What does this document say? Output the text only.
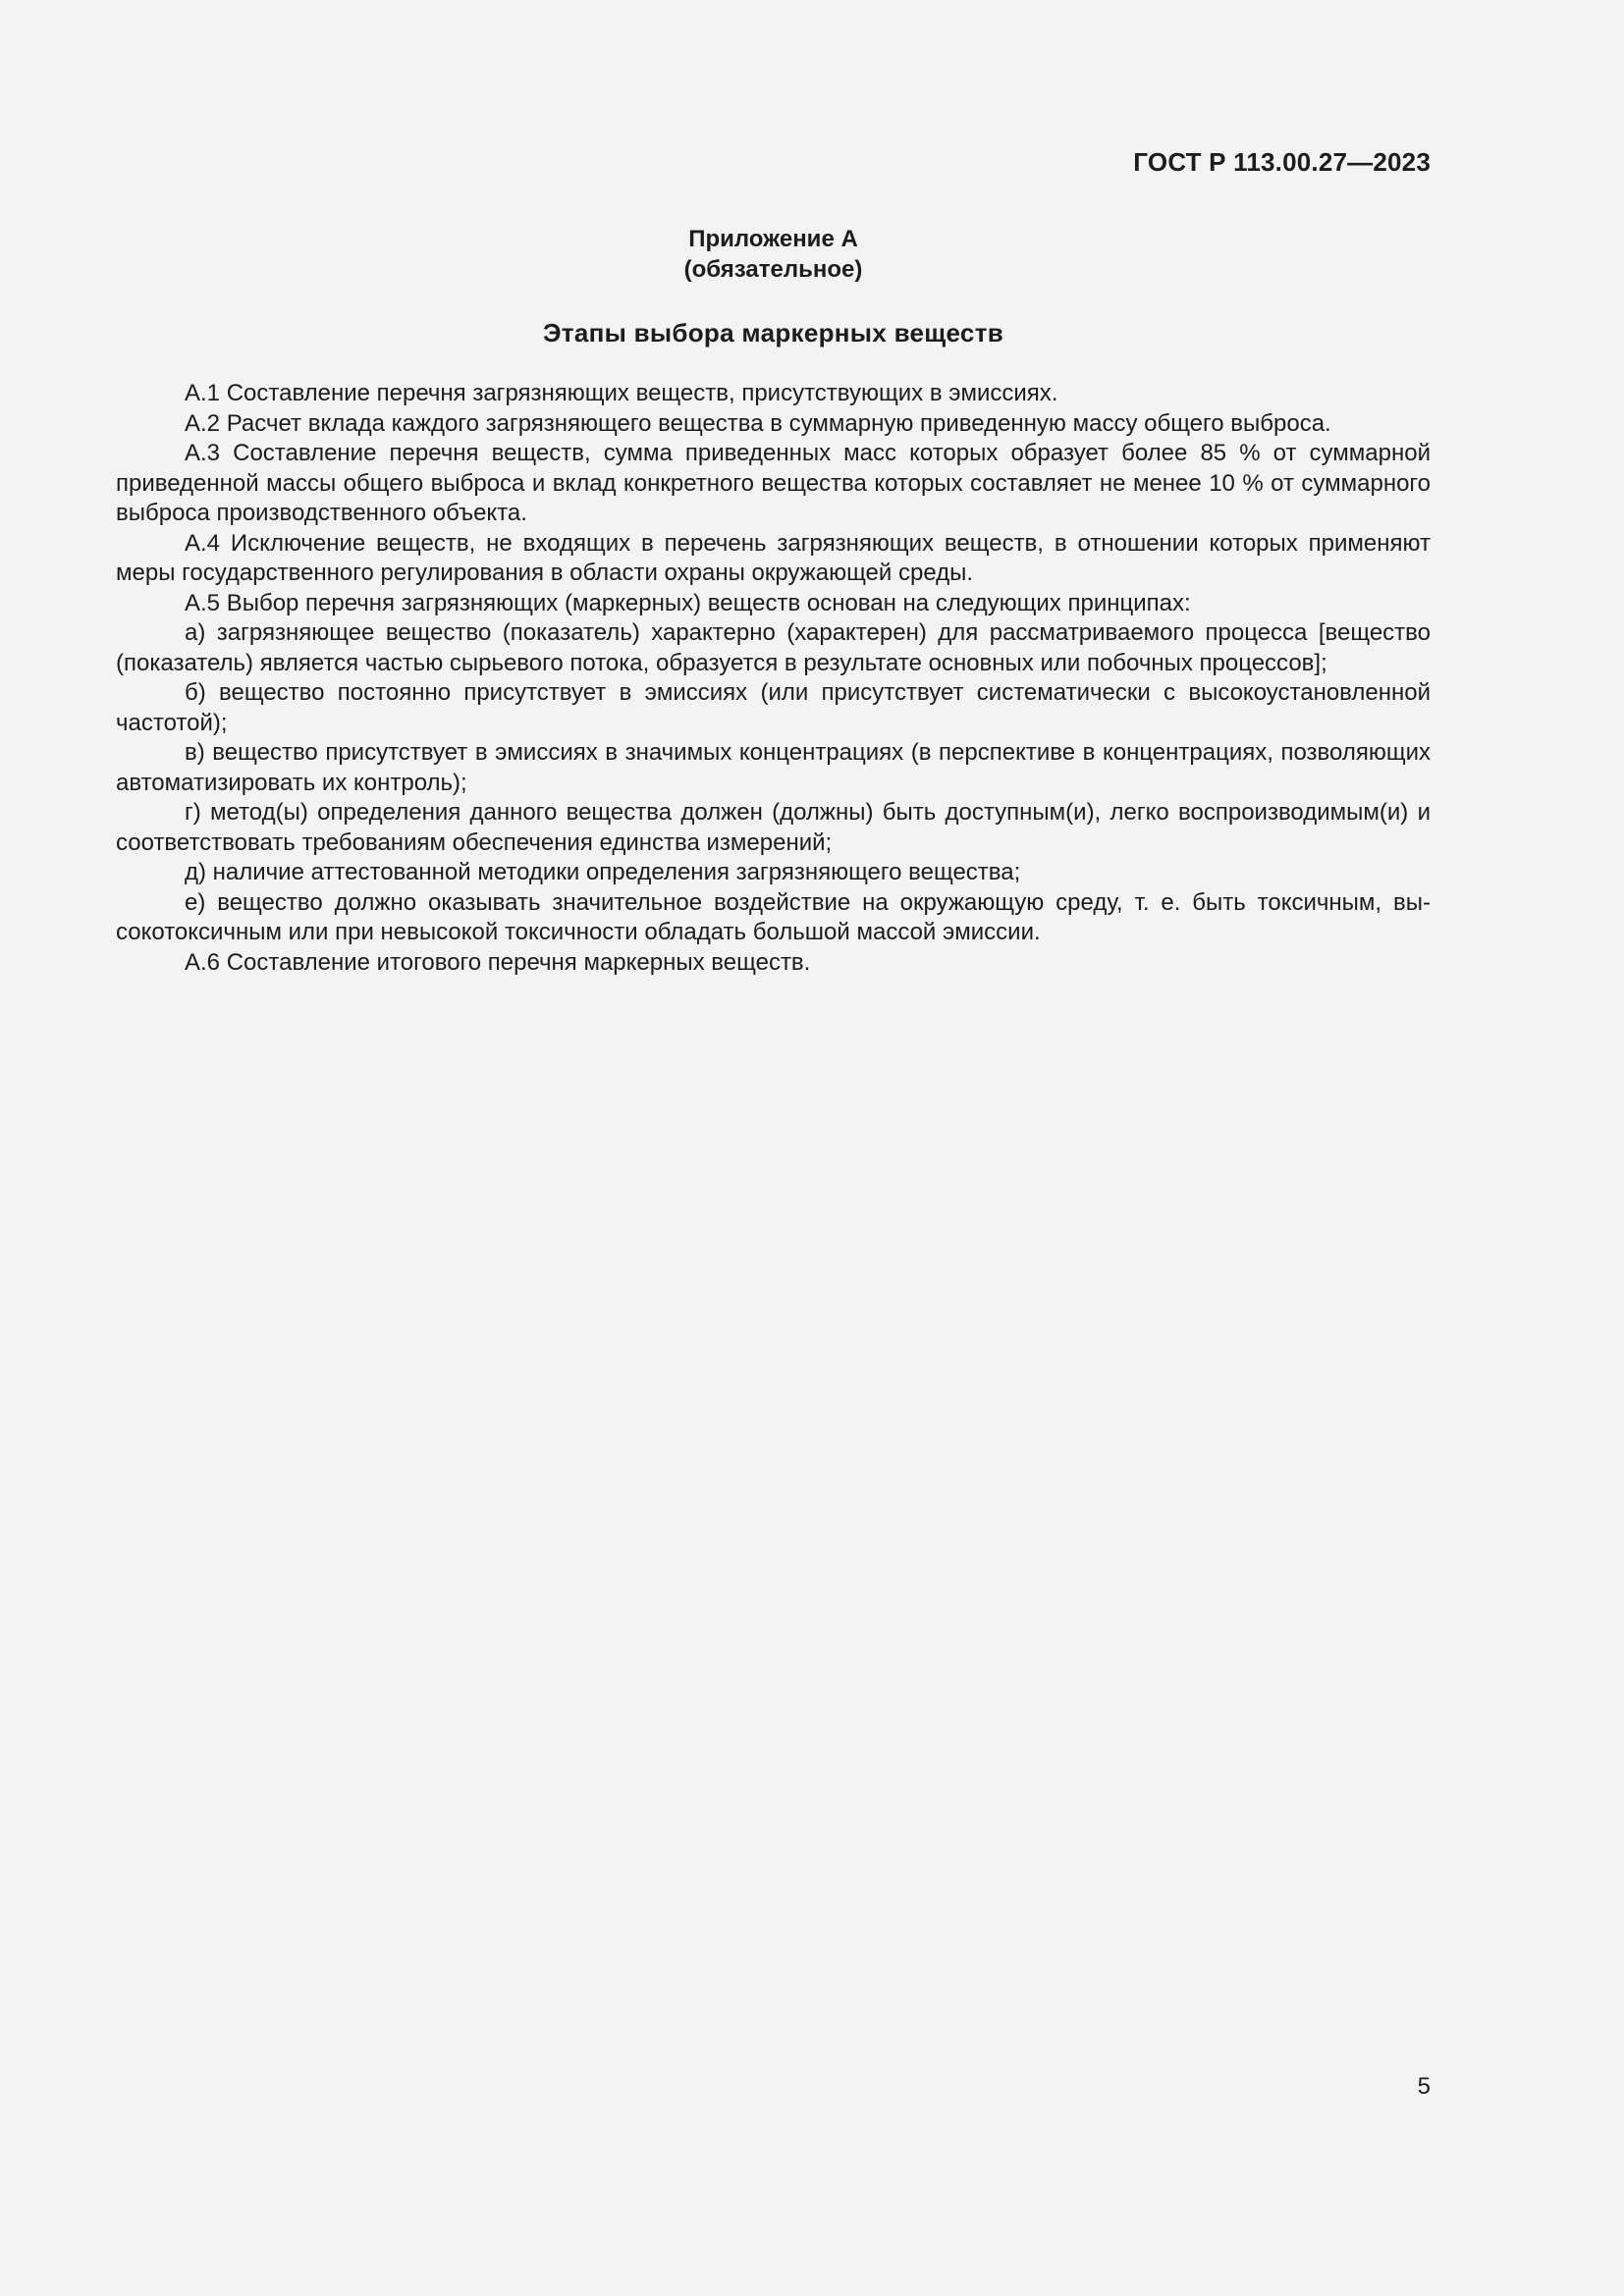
ГОСТ Р 113.00.27—2023
Приложение А
(обязательное)
Этапы выбора маркерных веществ

А.1 Составление перечня загрязняющих веществ, присутствующих в эмиссиях.

А.2 Расчет вклада каждого загрязняющего вещества в суммарную приведенную массу общего выброса.

А.3 Составление перечня веществ, сумма приведенных масс которых образует более 85 % от суммарной приведенной массы общего выброса и вклад конкретного вещества которых составляет не менее 10 % от суммарного выброса производственного объекта.

А.4 Исключение веществ, не входящих в перечень загрязняющих веществ, в отношении которых применяют меры государственного регулирования в области охраны окружающей среды.

А.5 Выбор перечня загрязняющих (маркерных) веществ основан на следующих принципах:

а) загрязняющее вещество (показатель) характерно (характерен) для рассматриваемого процесса [вещество (показатель) является частью сырьевого потока, образуется в результате основных или побочных процессов];

б) вещество постоянно присутствует в эмиссиях (или присутствует систематически с высокоустановленной частотой);

в) вещество присутствует в эмиссиях в значимых концентрациях (в перспективе в концентрациях, позволяющих автоматизировать их контроль);

г) метод(ы) определения данного вещества должен (должны) быть доступным(и), легко воспроизводимым(и) и соответствовать требованиям обеспечения единства измерений;

д) наличие аттестованной методики определения загрязняющего вещества;

е) вещество должно оказывать значительное воздействие на окружающую среду, т. е. быть токсичным, высокотоксичным или при невысокой токсичности обладать большой массой эмиссии.

А.6 Составление итогового перечня маркерных веществ.

5
